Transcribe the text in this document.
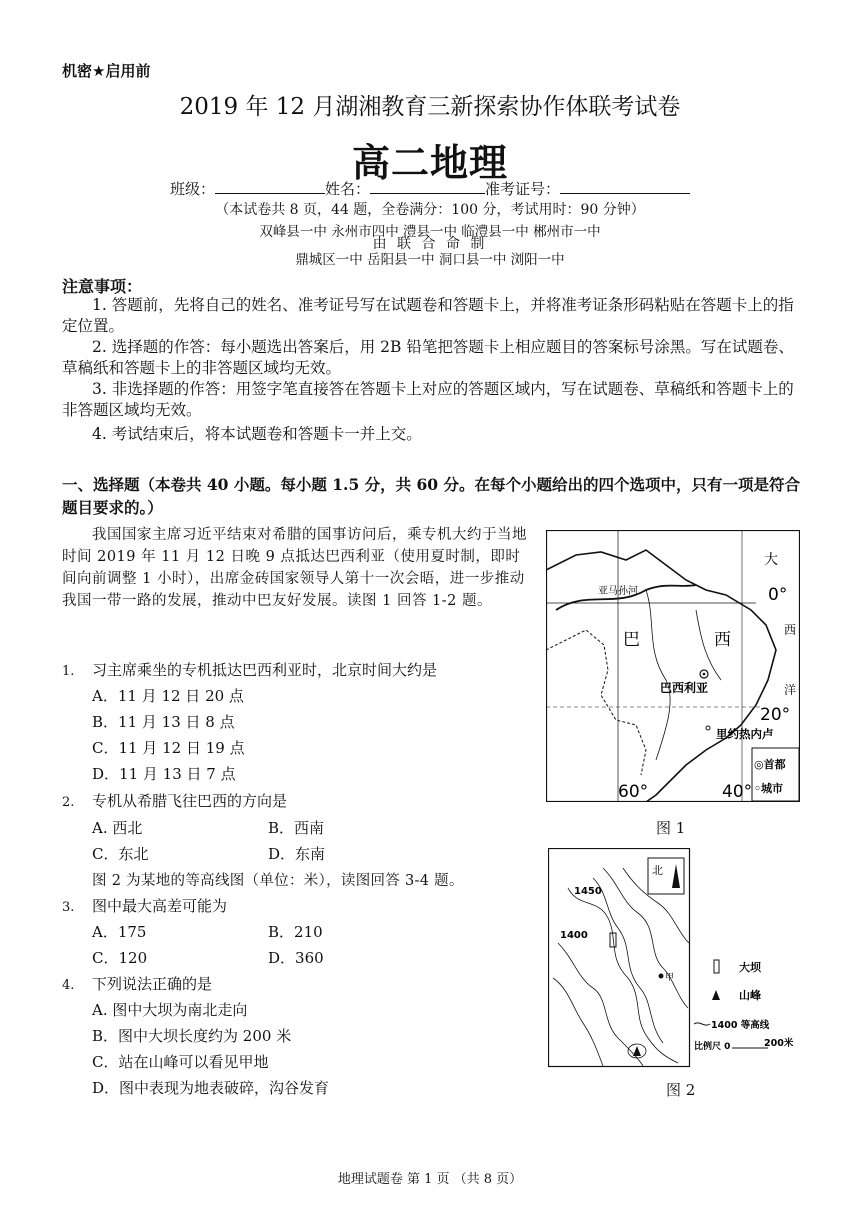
机密★启用前
2019 年 12 月湖湘教育三新探索协作体联考试卷
高二地理
班级：	姓名：	准考证号：
（本试卷共 8 页，44 题，全卷满分：100 分，考试用时：90 分钟）
双峰县一中 永州市四中 澧县一中 临澧县一中 郴州市一中
由 联 合 命 制
鼎城区一中 岳阳县一中 洞口县一中 浏阳一中
注意事项：
1. 答题前，先将自己的姓名、准考证号写在试题卷和答题卡上，并将准考证条形码粘贴在答题卡上的指定位置。
2. 选择题的作答：每小题选出答案后，用 2B 铅笔把答题卡上相应题目的答案标号涂黑。写在试题卷、草稿纸和答题卡上的非答题区域均无效。
3. 非选择题的作答：用签字笔直接答在答题卡上对应的答题区域内，写在试题卷、草稿纸和答题卡上的非答题区域均无效。
4. 考试结束后，将本试题卷和答题卡一并上交。
一、选择题（本卷共 40 小题。每小题 1.5 分，共 60 分。在每个小题给出的四个选项中，只有一项是符合题目要求的。）
我国国家主席习近平结束对希腊的国事访问后，乘专机大约于当地时间 2019 年 11 月 12 日晚 9 点抵达巴西利亚（使用夏时制，即时间向前调整 1 小时），出席金砖国家领导人第十一次会晤，进一步推动我国一带一路的发展，推动中巴友好发展。读图 1 回答 1-2 题。
1. 习主席乘坐的专机抵达巴西利亚时，北京时间大约是
A．11 月 12 日 20 点
B．11 月 13 日 8 点
C．11 月 12 日 19 点
D．11 月 13 日 7 点
2. 专机从希腊飞往巴西的方向是
A. 西北	B．西南
C．东北	D．东南
图 2 为某地的等高线图（单位：米），读图回答 3-4 题。
3. 图中最大高差可能为
A．175	B．210
C．120	D．360
4. 下列说法正确的是
A. 图中大坝为南北走向
B．图中大坝长度约为 200 米
C．站在山峰可以看见甲地
D．图中表现为地表破碎，沟谷发育
大
0°
西
洋
20°
里约热内卢
亚马孙河
巴	西
巴西利亚
60°	40°
◎首都
◦城市
图 1
北
1450
1400
甲
大坝
山峰
1400 等高线
比例尺 0	200米
图 2
地理试题卷 第 1 页 （共 8 页）
